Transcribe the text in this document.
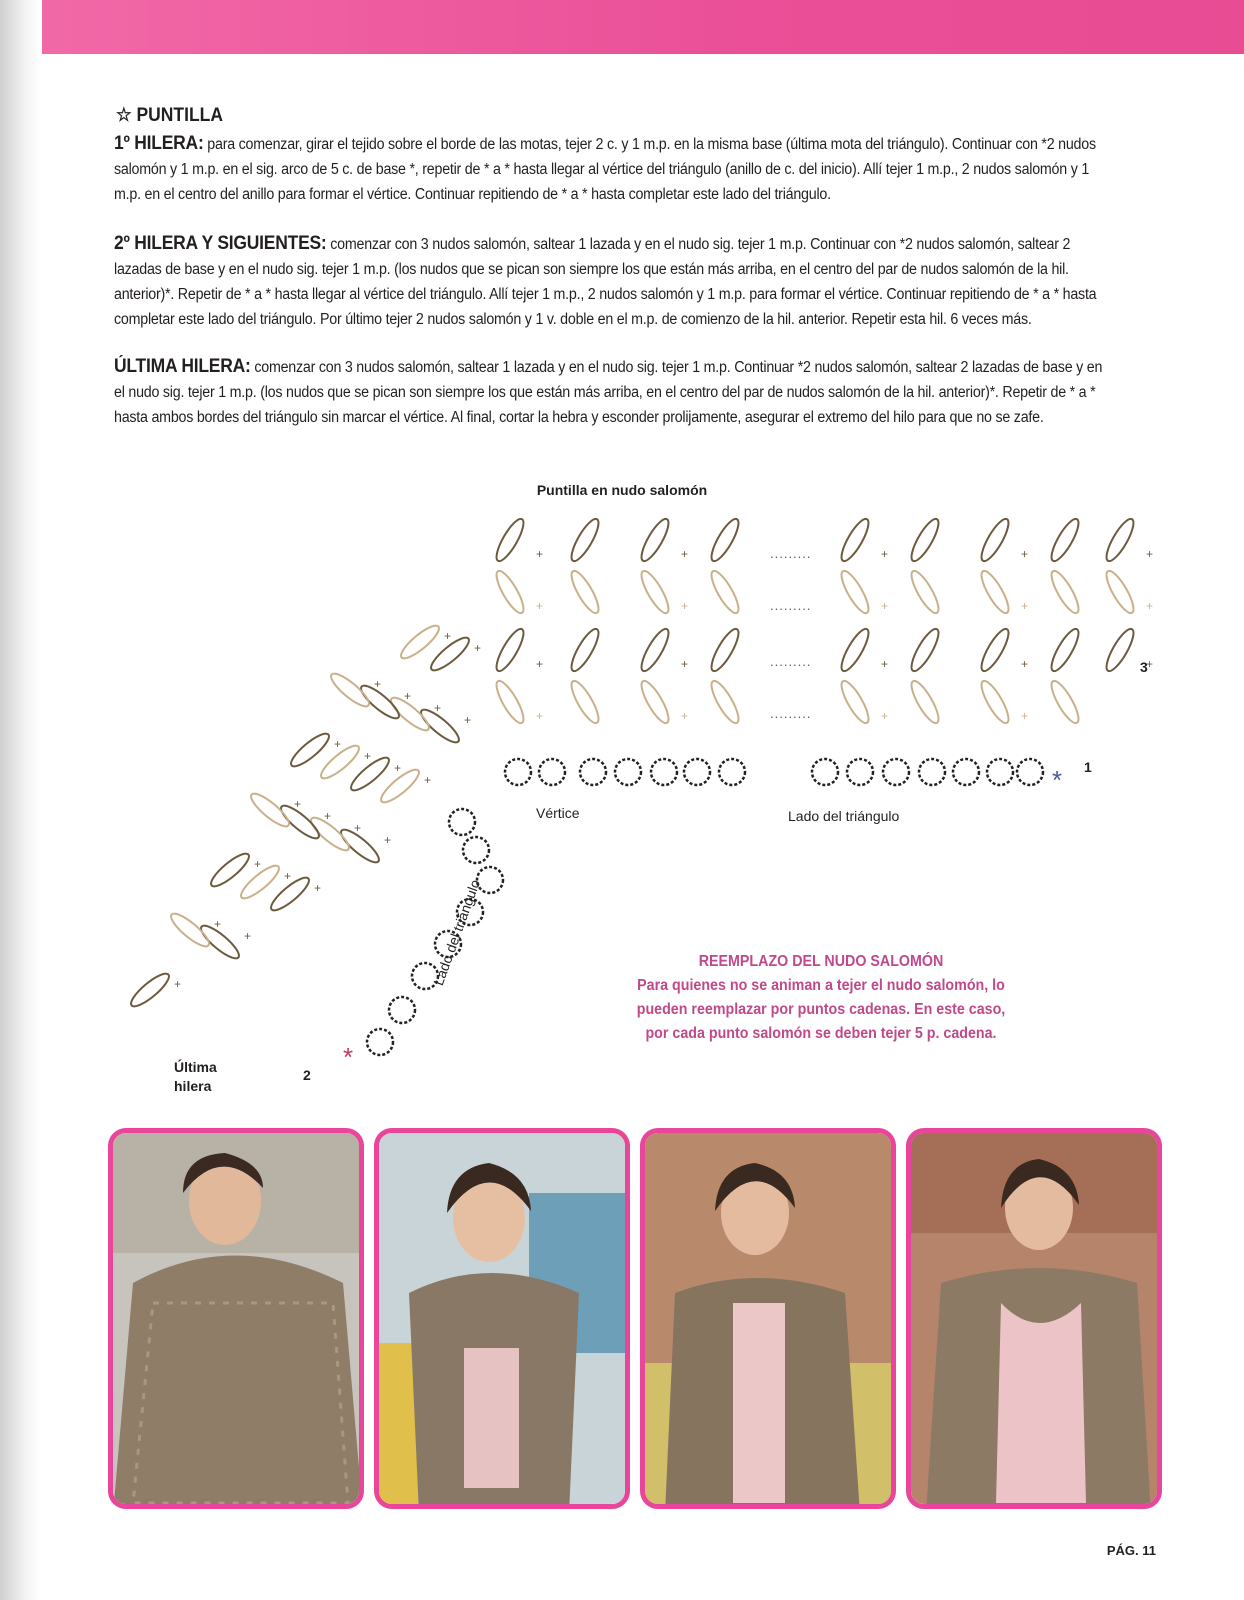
☆ PUNTILLA
1º HILERA: para comenzar, girar el tejido sobre el borde de las motas, tejer 2 c. y 1 m.p. en la misma base (última mota del triángulo). Continuar con *2 nudos salomón y 1 m.p. en el sig. arco de 5 c. de base *, repetir de * a * hasta llegar al vértice del triángulo (anillo de c. del inicio). Allí tejer 1 m.p., 2 nudos salomón y 1 m.p. en el centro del anillo para formar el vértice. Continuar repitiendo de * a * hasta completar este lado del triángulo.
2º HILERA Y SIGUIENTES: comenzar con 3 nudos salomón, saltear 1 lazada y en el nudo sig. tejer 1 m.p. Continuar con *2 nudos salomón, saltear 2 lazadas de base y en el nudo sig. tejer 1 m.p. (los nudos que se pican son siempre los que están más arriba, en el centro del par de nudos salomón de la hil. anterior)*. Repetir de * a * hasta llegar al vértice del triángulo. Allí tejer 1 m.p., 2 nudos salomón y 1 m.p. para formar el vértice. Continuar repitiendo de * a * hasta completar este lado del triángulo. Por último tejer 2 nudos salomón y 1 v. doble en el m.p. de comienzo de la hil. anterior. Repetir esta hil. 6 veces más.
ÚLTIMA HILERA: comenzar con 3 nudos salomón, saltear 1 lazada y en el nudo sig. tejer 1 m.p. Continuar *2 nudos salomón, saltear 2 lazadas de base y en el nudo sig. tejer 1 m.p. (los nudos que se pican son siempre los que están más arriba, en el centro del par de nudos salomón de la hil. anterior)*. Repetir de * a * hasta ambos bordes del triángulo sin marcar el vértice. Al final, cortar la hebra y esconder prolijamente, asegurar el extremo del hilo para que no se zafe.
Puntilla en nudo salomón
+	+	+	+	+
+	+	+	+	+
+	+	+	+	+
+	+	+	+
+
+
+
+
+
+
+
+
+
+
+
+
+
+
+
+
+
+
+
+
.........
.........
.........
.........
*
*
Vértice	Lado del triángulo
Lado del triángulo
Última
hilera
3
1
2
REEMPLAZO DEL NUDO SALOMÓN
Para quienes no se animan a tejer el nudo salomón, lo
pueden reemplazar por puntos cadenas. En este caso,
por cada punto salomón se deben tejer 5 p. cadena.
PÁG. 11
